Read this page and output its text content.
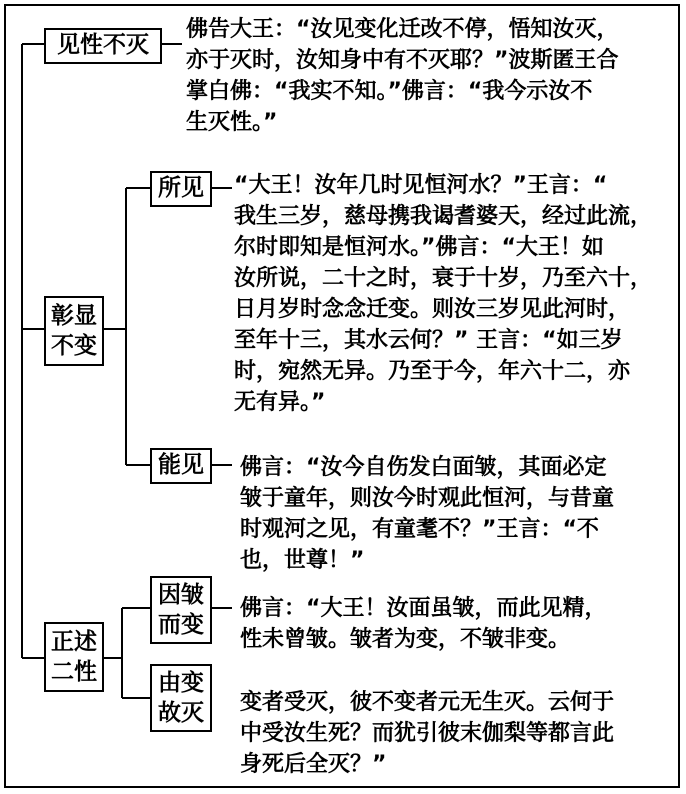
见性不灭
彰显
不变
所见
能见
正述
二性
因皱
而变
由变
故灭
佛告大王：“汝见变化迁改不停，悟知汝灭，
亦于灭时，汝知身中有不灭耶？”波斯匿王合
掌白佛：“我实不知。”佛言：“我今示汝不
生灭性。”
“大王！汝年几时见恒河水？”王言：“
我生三岁，慈母携我谒耆婆天，经过此流，
尔时即知是恒河水。”佛言：“大王！如
汝所说，二十之时，衰于十岁，乃至六十，
日月岁时念念迁变。则汝三岁见此河时，
至年十三，其水云何？” 王言：“如三岁
时，宛然无异。乃至于今，年六十二，亦
无有异。”
佛言：“汝今自伤发白面皱，其面必定
皱于童年，则汝今时观此恒河，与昔童
时观河之见，有童耄不？”王言：“不
也，世尊！”
佛言：“大王！汝面虽皱，而此见精，
性未曾皱。皱者为变，不皱非变。
变者受灭，彼不变者元无生灭。云何于
中受汝生死？而犹引彼末伽梨等都言此
身死后全灭？”
